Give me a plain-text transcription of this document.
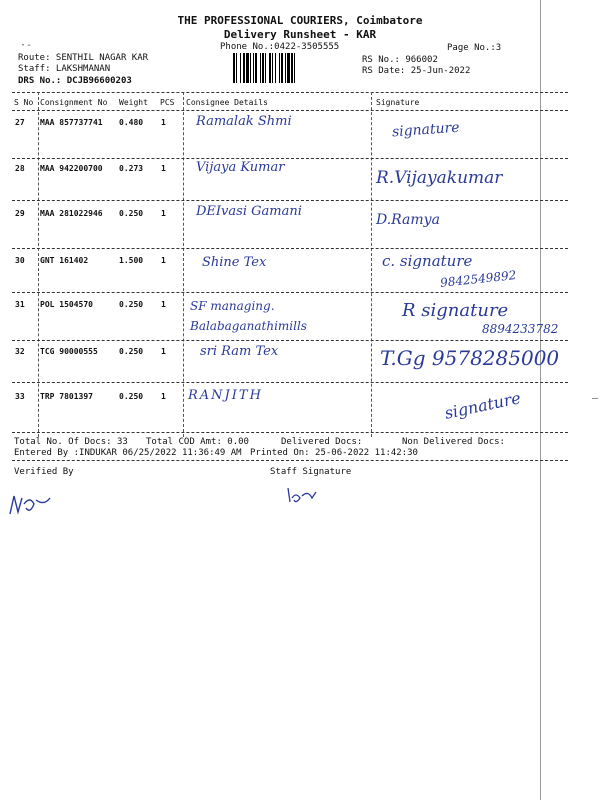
—
·-
THE PROFESSIONAL COURIERS, Coimbatore
Delivery Runsheet - KAR
Phone No.:0422-3505555	Page No.:3
Route: SENTHIL NAGAR KAR
Staff: LAKSHMANAN
DRS No.: DCJB96600203
RS No.: 966002
RS Date: 25-Jun-2022
S No Consignment No Weight PCS Consignee Details	Signature
27 MAA 857737741 0.480 1 Ramalak Shmi	signature
28 MAA 942200700 0.273 1 Vijaya Kumar
R.Vijayakumar
29 MAA 281022946 0.250 1 DEIvasi Gamani
D.Ramya
30 GNT 161402	1.500 1	Shine Tex	c. signature
9842549892
31 POL 1504570	0.250 1 SF managing. Balabaganathimills
R signature
8894233782
32 TCG 90000555	0.250 1	sri Ram Tex	T.Gg 9578285000
33 TRP 7801397	0.250 1 RANJITH	signature
Total No. Of Docs: 33 Total COD Amt: 0.00	Delivered Docs:	Non Delivered Docs:
Entered By :INDUKAR 06/25/2022 11:36:49 AM Printed On: 25-06-2022 11:42:30
Verified By	Staff Signature
